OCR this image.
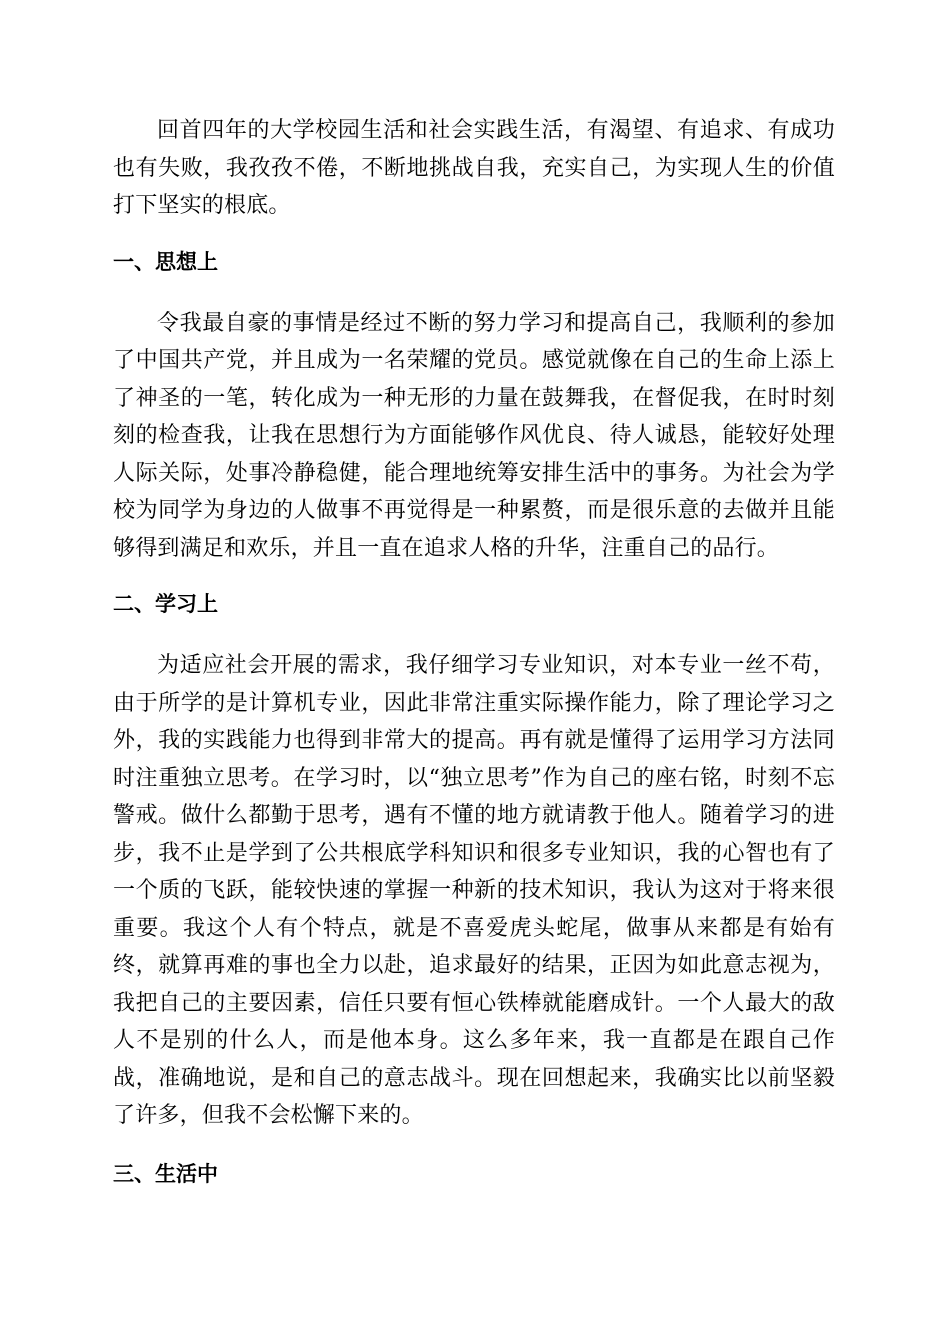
回首四年的大学校园生活和社会实践生活，有渴望、有追求、有成功也有失败，我孜孜不倦，不断地挑战自我，充实自己，为实现人生的价值打下坚实的根底。

一、思想上

令我最自豪的事情是经过不断的努力学习和提高自己，我顺利的参加了中国共产党，并且成为一名荣耀的党员。感觉就像在自己的生命上添上了神圣的一笔，转化成为一种无形的力量在鼓舞我，在督促我，在时时刻刻的检查我，让我在思想行为方面能够作风优良、待人诚恳，能较好处理人际关际，处事冷静稳健，能合理地统筹安排生活中的事务。为社会为学校为同学为身边的人做事不再觉得是一种累赘，而是很乐意的去做并且能够得到满足和欢乐，并且一直在追求人格的升华，注重自己的品行。

二、学习上

为适应社会开展的需求，我仔细学习专业知识，对本专业一丝不苟，由于所学的是计算机专业，因此非常注重实际操作能力，除了理论学习之外，我的实践能力也得到非常大的提高。再有就是懂得了运用学习方法同时注重独立思考。在学习时，以“独立思考”作为自己的座右铭，时刻不忘警戒。做什么都勤于思考，遇有不懂的地方就请教于他人。随着学习的进步，我不止是学到了公共根底学科知识和很多专业知识，我的心智也有了一个质的飞跃，能较快速的掌握一种新的技术知识，我认为这对于将来很重要。我这个人有个特点，就是不喜爱虎头蛇尾，做事从来都是有始有终，就算再难的事也全力以赴，追求最好的结果，正因为如此意志视为，我把自己的主要因素，信任只要有恒心铁棒就能磨成针。一个人最大的敌人不是别的什么人，而是他本身。这么多年来，我一直都是在跟自己作战，准确地说，是和自己的意志战斗。现在回想起来，我确实比以前坚毅了许多，但我不会松懈下来的。

三、生活中
